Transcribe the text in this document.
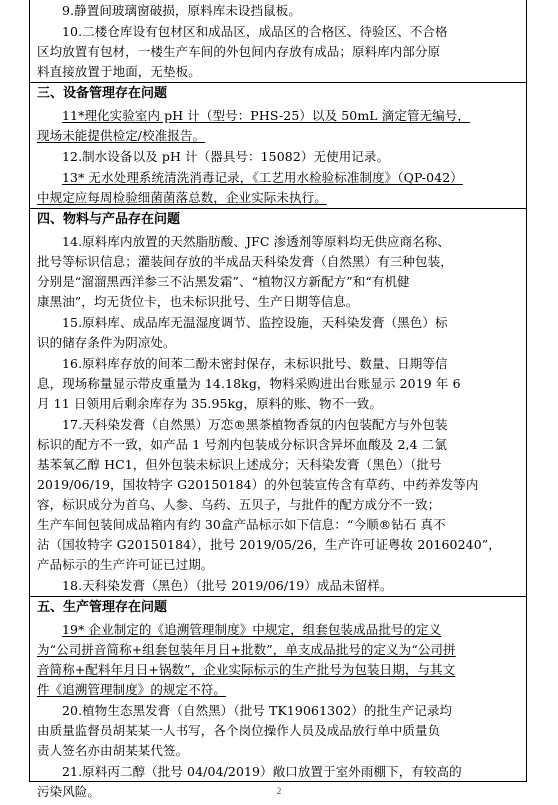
9.静置间玻璃窗破损，原料库未设挡鼠板。
10.二楼仓库设有包材区和成品区，成品区的合格区、待验区、不合格
区均放置有包材，一楼生产车间的外包间内存放有成品；原料库内部分原
料直接放置于地面，无垫板。
三、设备管理存在问题
11*理化实验室内 pH 计（型号：PHS-25）以及 50mL 滴定管无编号，
现场未能提供检定/校准报告。
12.制水设备以及 pH 计（器具号：15082）无使用记录。
13* 无水处理系统清洗消毒记录，《工艺用水检验标准制度》（QP-042）
中规定应每周检验细菌菌落总数，企业实际未执行。
四、物料与产品存在问题
14.原料库内放置的天然脂肪酸、JFC 渗透剂等原料均无供应商名称、
批号等标识信息；灌装间存放的半成品天科染发膏（自然黑）有三种包装，
分别是“溜溜黑西洋参三不沾黑发霜”、“植物汉方新配方”和“有机健
康黑油”，均无货位卡，也未标识批号、生产日期等信息。
15.原料库、成品库无温湿度调节、监控设施，天科染发膏（黑色）标
识的储存条件为阴凉处。
16.原料库存放的间苯二酚未密封保存，未标识批号、数量、日期等信
息，现场称量显示带皮重量为 14.18kg，物料采购进出台账显示 2019 年 6
月 11 日领用后剩余库存为 35.95kg，原料的账、物不一致。
17.天科染发膏（自然黑）万恋®黑茶植物香氛的内包装配方与外包装
标识的配方不一致，如产品 1 号剂内包装成分标识含异坏血酸及 2,4 二氯
基苯氧乙醇 HC1，但外包装未标识上述成分；天科染发膏（黑色）（批号
2019/06/19，国妆特字 G20150184）的外包装宣传含有草药、中药养发等内
容，标识成分为首乌、人参、乌药、五贝子，与批件的配方成分不一致；
生产车间包装间成品箱内有约 30盒产品标示如下信息：“今顺®钻石 真不
沾（国妆特字 G20150184），批号 2019/05/26，生产许可证粤妆 20160240”，
产品标示的生产许可证已过期。
18.天科染发膏（黑色）（批号 2019/06/19）成品未留样。
五、生产管理存在问题
19* 企业制定的《追溯管理制度》中规定，组套包装成品批号的定义
为“公司拼音简称+组套包装年月日+批数”，单支成品批号的定义为“公司拼
音简称+配料年月日+锅数”，企业实际标示的生产批号为包装日期，与其文
件《追溯管理制度》的规定不符。
20.植物生态黑发膏（自然黑）（批号 TK19061302）的批生产记录均
由质量监督员胡某某一人书写，各个岗位操作人员及成品放行单中质量负
责人签名亦由胡某某代签。
21.原料丙二醇（批号 04/04/2019）敞口放置于室外雨棚下，有较高的
污染风险。	2
